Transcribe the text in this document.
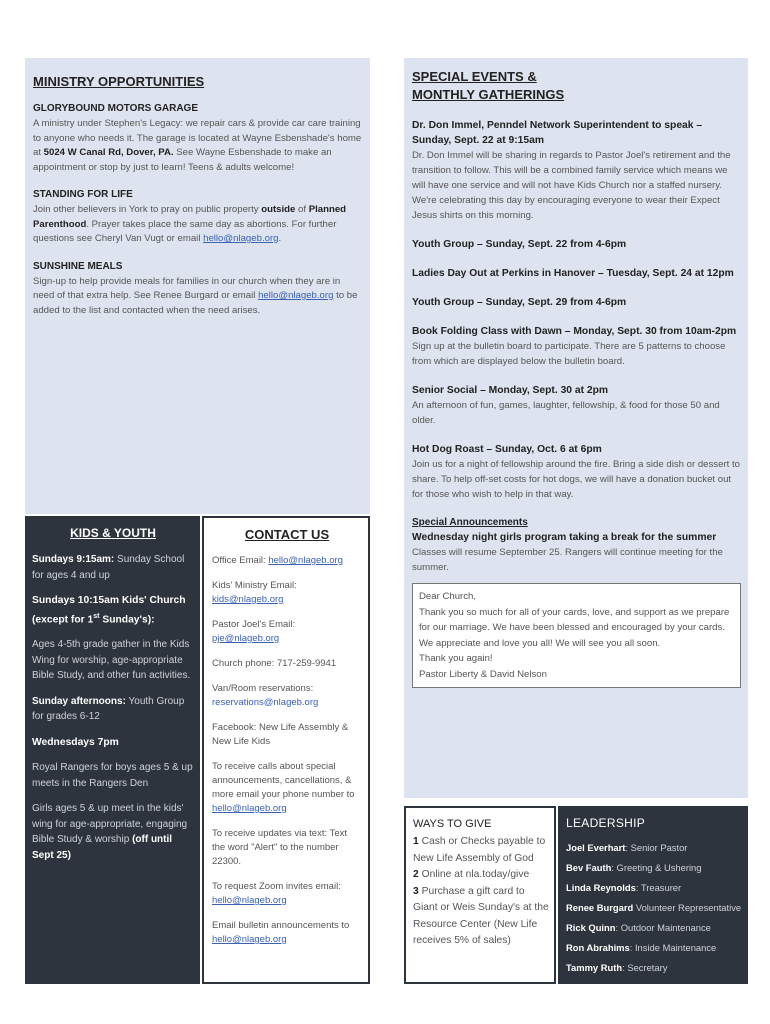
MINISTRY OPPORTUNITIES

GLORYBOUND MOTORS GARAGE

A ministry under Stephen's Legacy: we repair cars & provide car care training to anyone who needs it. The garage is located at Wayne Esbenshade's home at 5024 W Canal Rd, Dover, PA. See Wayne Esbenshade to make an appointment or stop by just to learn! Teens & adults welcome!

STANDING FOR LIFE

Join other believers in York to pray on public property outside of Planned Parenthood. Prayer takes place the same day as abortions. For further questions see Cheryl Van Vugt or email hello@nlageb.org.

SUNSHINE MEALS

Sign-up to help provide meals for families in our church when they are in need of that extra help. See Renee Burgard or email hello@nlageb.org to be added to the list and contacted when the need arises.

SPECIAL EVENTS &
MONTHLY GATHERINGS

Dr. Don Immel, Penndel Network Superintendent to speak – Sunday, Sept. 22 at 9:15am

Dr. Don Immel will be sharing in regards to Pastor Joel's retirement and the transition to follow. This will be a combined family service which means we will have one service and will not have Kids Church nor a staffed nursery. We're celebrating this day by encouraging everyone to wear their Expect Jesus shirts on this morning.

Youth Group – Sunday, Sept. 22 from 4-6pm

Ladies Day Out at Perkins in Hanover – Tuesday, Sept. 24 at 12pm

Youth Group – Sunday, Sept. 29 from 4-6pm

Book Folding Class with Dawn – Monday, Sept. 30 from 10am-2pm

Sign up at the bulletin board to participate. There are 5 patterns to choose from which are displayed below the bulletin board.

Senior Social – Monday, Sept. 30 at 2pm

An afternoon of fun, games, laughter, fellowship, & food for those 50 and older.

Hot Dog Roast – Sunday, Oct. 6 at 6pm

Join us for a night of fellowship around the fire. Bring a side dish or dessert to share. To help off-set costs for hot dogs, we will have a donation bucket out for those who wish to help in that way.

Special Announcements

Wednesday night girls program taking a break for the summer

Classes will resume September 25. Rangers will continue meeting for the summer.

Dear Church,
Thank you so much for all of your cards, love, and support as we prepare for our marriage. We have been blessed and encouraged by your cards. We appreciate and love you all! We will see you all soon.
Thank you again!
Pastor Liberty & David Nelson

KIDS & YOUTH

Sundays 9:15am: Sunday School for ages 4 and up

Sundays 10:15am Kids' Church (except for 1st Sunday's):

Ages 4-5th grade gather in the Kids Wing for worship, age-appropriate Bible Study, and other fun activities.

Sunday afternoons: Youth Group for grades 6-12

Wednesdays 7pm

Royal Rangers for boys ages 5 & up meets in the Rangers Den

Girls ages 5 & up meet in the kids' wing for age-appropriate, engaging Bible Study & worship (off until Sept 25)

CONTACT US

Office Email: hello@nlageb.org

Kids' Ministry Email: kids@nlageb.org

Pastor Joel's Email: pje@nlageb.org

Church phone: 717-259-9941

Van/Room reservations:
reservations@nlageb.org

Facebook: New Life Assembly & New Life Kids

To receive calls about special announcements, cancellations, & more email your phone number to
hello@nlageb.org

To receive updates via text: Text the word "Alert" to the number 22300.

To request Zoom invites email:
hello@nlageb.org

Email bulletin announcements to
hello@nlageb.org

WAYS TO GIVE

1 Cash or Checks payable to New Life Assembly of God

2 Online at nla.today/give

3 Purchase a gift card to Giant or Weis Sunday's at the Resource Center (New Life receives 5% of sales)

LEADERSHIP

Joel Everhart: Senior Pastor

Bev Fauth: Greeting & Ushering

Linda Reynolds: Treasurer

Renee Burgard Volunteer Representative

Rick Quinn: Outdoor Maintenance

Ron Abrahims: Inside Maintenance

Tammy Ruth: Secretary
